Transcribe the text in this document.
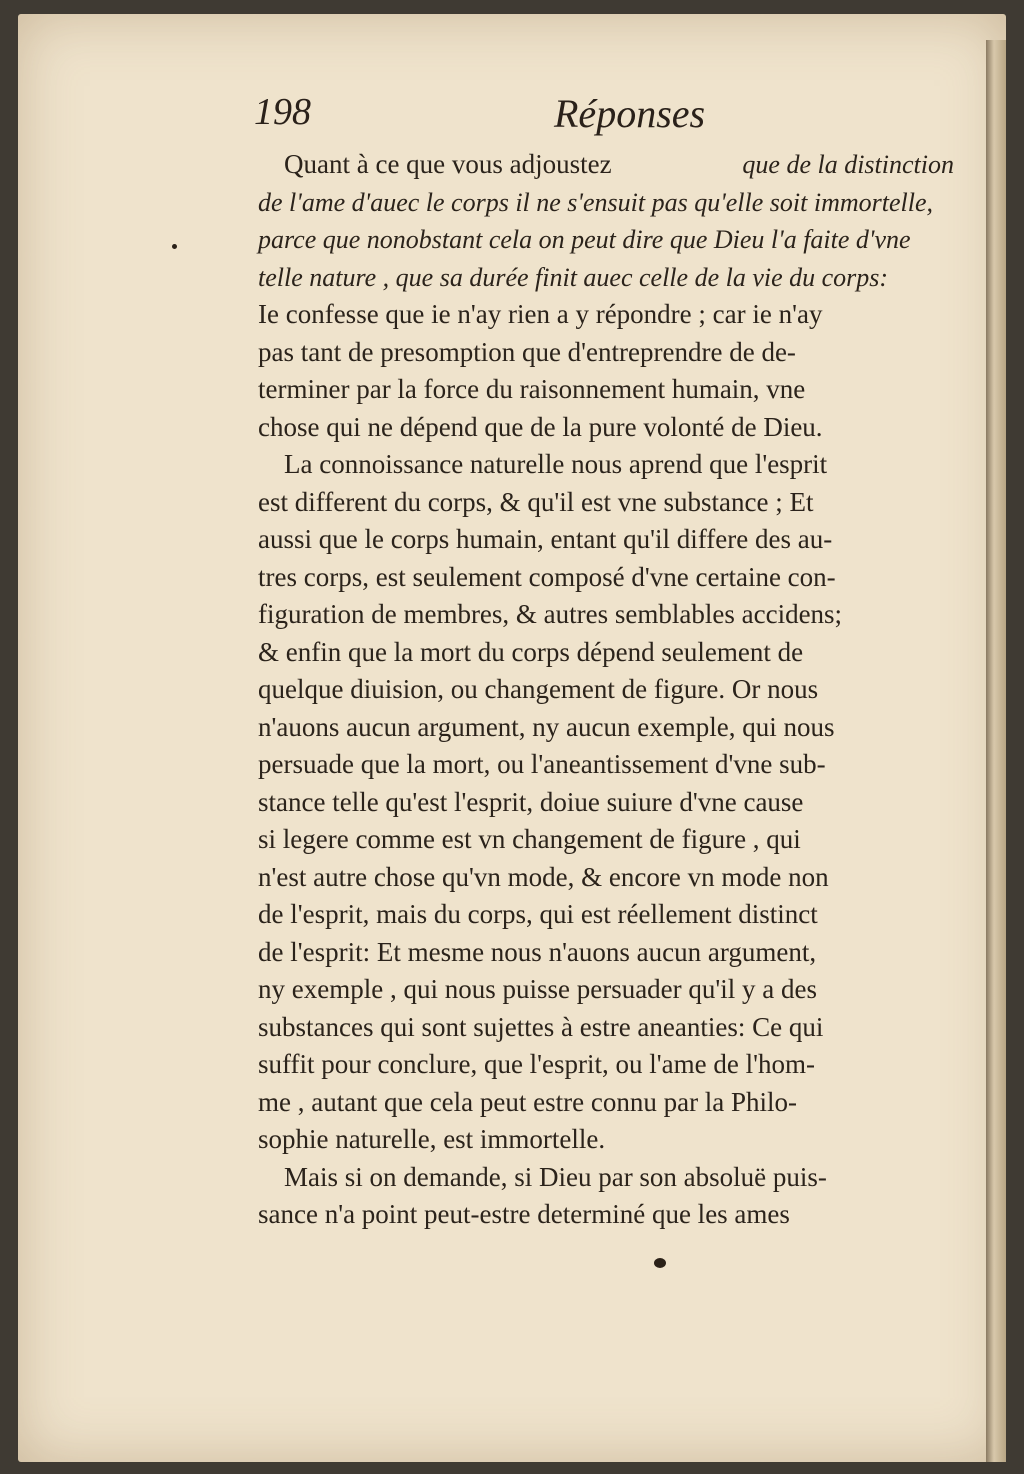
198	Réponses
Quant à ce que vous adjoustez	que de la distinction
de l'ame d'auec le corps il ne s'ensuit pas qu'elle soit immortelle,
parce que nonobstant cela on peut dire que Dieu l'a faite d'vne
telle nature , que sa durée finit auec celle de la vie du corps:
Ie confesse que ie n'ay rien a y répondre ; car ie n'ay
pas tant de presomption que d'entreprendre de de-
terminer par la force du raisonnement humain, vne
chose qui ne dépend que de la pure volonté de Dieu.
La connoissance naturelle nous aprend que l'esprit
est different du corps, & qu'il est vne substance ; Et
aussi que le corps humain, entant qu'il differe des au-
tres corps, est seulement composé d'vne certaine con-
figuration de membres, & autres semblables accidens;
& enfin que la mort du corps dépend seulement de
quelque diuision, ou changement de figure. Or nous
n'auons aucun argument, ny aucun exemple, qui nous
persuade que la mort, ou l'aneantissement d'vne sub-
stance telle qu'est l'esprit, doiue suiure d'vne cause
si legere comme est vn changement de figure , qui
n'est autre chose qu'vn mode, & encore vn mode non
de l'esprit, mais du corps, qui est réellement distinct
de l'esprit: Et mesme nous n'auons aucun argument,
ny exemple , qui nous puisse persuader qu'il y a des
substances qui sont sujettes à estre aneanties: Ce qui
suffit pour conclure, que l'esprit, ou l'ame de l'hom-
me , autant que cela peut estre connu par la Philo-
sophie naturelle, est immortelle.
Mais si on demande, si Dieu par son absoluë puis-
sance n'a point peut-estre determiné que les ames
